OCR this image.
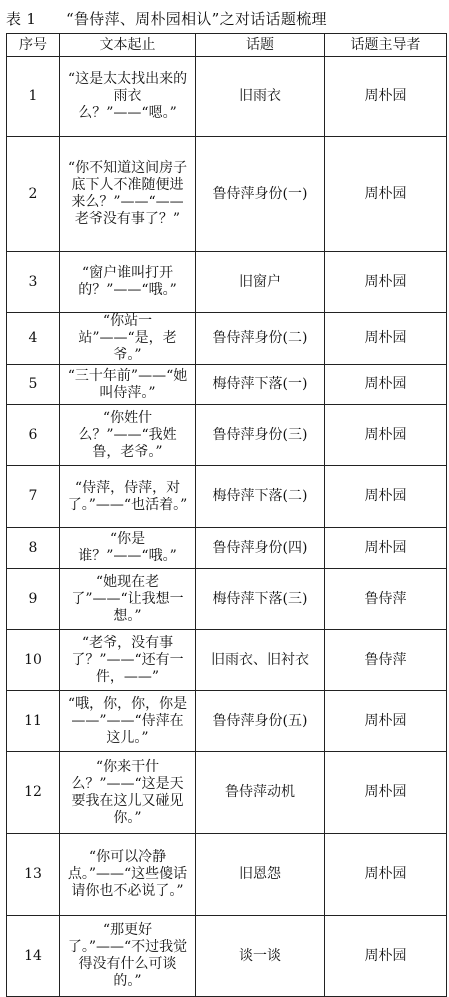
表 1 “鲁侍萍、周朴园相认”之对话话题梳理
序号	文本起止	话题	话题主导者
1	“这是太太找出来的雨衣么？”——“嗯。”	旧雨衣	周朴园
2	“你不知道这间房子底下人不准随便进来么？”——“——老爷没有事了？”	鲁侍萍身份(一)	周朴园
3	“窗户谁叫打开的？”——“哦。”	旧窗户	周朴园
4	“你站一站”——“是，老爷。”	鲁侍萍身份(二)	周朴园
5	“三十年前”——“她叫侍萍。”	梅侍萍下落(一)	周朴园
6	“你姓什么？”——“我姓鲁，老爷。”	鲁侍萍身份(三)	周朴园
7	“侍萍，侍萍，对了。”——“也活着。”	梅侍萍下落(二)	周朴园
8	“你是谁？”——“哦。”	鲁侍萍身份(四)	周朴园
9	“她现在老了”——“让我想一想。”	梅侍萍下落(三)	鲁侍萍
10	“老爷，没有事了？”——“还有一件，——”	旧雨衣、旧衬衣	鲁侍萍
11	“哦，你，你，你是——”——“侍萍在这儿。”	鲁侍萍身份(五)	周朴园
12	“你来干什么？”——“这是天要我在这儿又碰见你。”	鲁侍萍动机	周朴园
13	“你可以冷静点。”——“这些傻话请你也不必说了。”	旧恩怨	周朴园
14	“那更好了。”——“不过我觉得没有什么可谈的。”	谈一谈	周朴园
